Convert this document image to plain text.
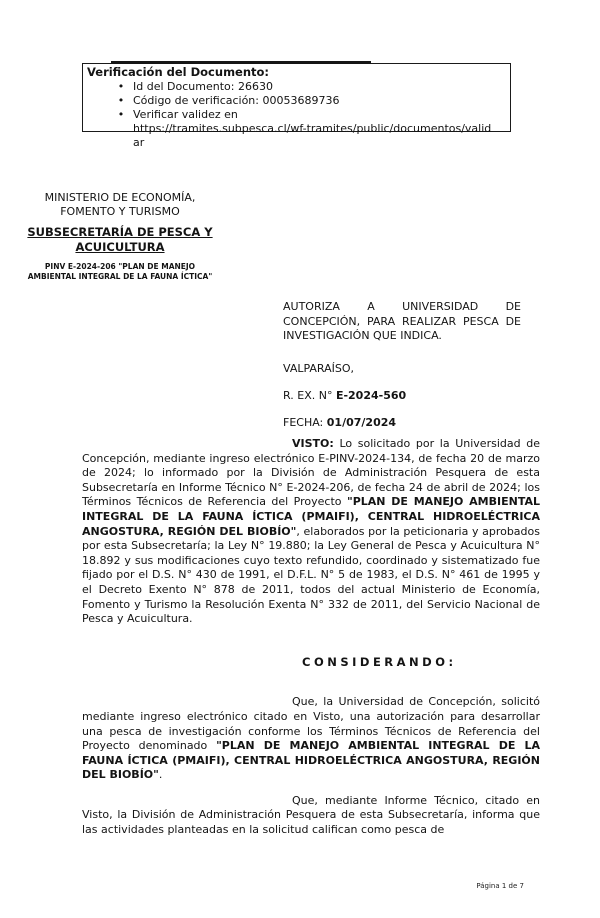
Verificación del Documento:
• Id del Documento: 26630
• Código de verificación: 00053689736
• Verificar validez en
https://tramites.subpesca.cl/wf-tramites/public/documentos/valid
ar
MINISTERIO DE ECONOMÍA,
FOMENTO Y TURISMO
SUBSECRETARÍA DE PESCA Y
ACUICULTURA
PINV E-2024-206 "PLAN DE MANEJO
AMBIENTAL INTEGRAL DE LA FAUNA ÍCTICA"
AUTORIZA A UNIVERSIDAD DE CONCEPCIÓN, PARA REALIZAR PESCA DE INVESTIGACIÓN QUE INDICA.
VALPARAÍSO,
R. EX. N° E-2024-560
FECHA: 01/07/2024

VISTO: Lo solicitado por la Universidad de Concepción, mediante ingreso electrónico E-PINV-2024-134, de fecha 20 de marzo de 2024; lo informado por la División de Administración Pesquera de esta Subsecretaría en Informe Técnico N° E-2024-206, de fecha 24 de abril de 2024; los Términos Técnicos de Referencia del Proyecto "PLAN DE MANEJO AMBIENTAL INTEGRAL DE LA FAUNA ÍCTICA (PMAIFI), CENTRAL HIDROELÉCTRICA ANGOSTURA, REGIÓN DEL BIOBÍO", elaborados por la peticionaria y aprobados por esta Subsecretaría; la Ley N° 19.880; la Ley General de Pesca y Acuicultura N° 18.892 y sus modificaciones cuyo texto refundido, coordinado y sistematizado fue fijado por el D.S. N° 430 de 1991, el D.F.L. N° 5 de 1983, el D.S. N° 461 de 1995 y el Decreto Exento N° 878 de 2011, todos del actual Ministerio de Economía, Fomento y Turismo la Resolución Exenta N° 332 de 2011, del Servicio Nacional de Pesca y Acuicultura.

CONSIDERANDO:

Que, la Universidad de Concepción, solicitó mediante ingreso electrónico citado en Visto, una autorización para desarrollar una pesca de investigación conforme los Términos Técnicos de Referencia del Proyecto denominado "PLAN DE MANEJO AMBIENTAL INTEGRAL DE LA FAUNA ÍCTICA (PMAIFI), CENTRAL HIDROELÉCTRICA ANGOSTURA, REGIÓN DEL BIOBÍO".

Que, mediante Informe Técnico, citado en Visto, la División de Administración Pesquera de esta Subsecretaría, informa que las actividades planteadas en la solicitud califican como pesca de

Página 1 de 7
